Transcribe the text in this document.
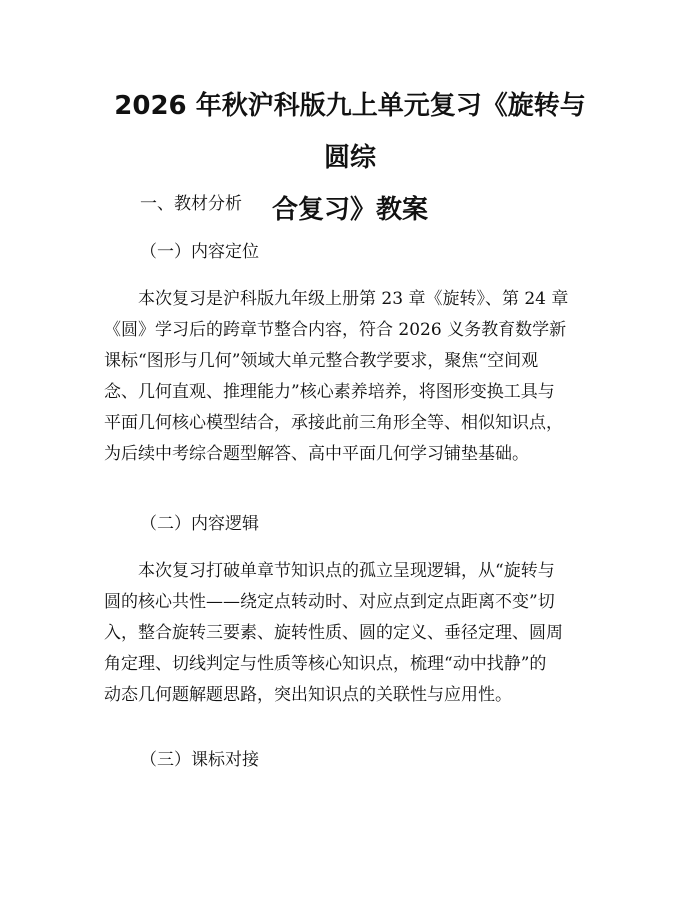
2026 年秋沪科版九上单元复习《旋转与圆综
合复习》教案
一、教材分析
（一）内容定位
本次复习是沪科版九年级上册第 23 章《旋转》、第 24 章
《圆》学习后的跨章节整合内容，符合 2026 义务教育数学新
课标“图形与几何”领域大单元整合教学要求，聚焦“空间观
念、几何直观、推理能力”核心素养培养，将图形变换工具与
平面几何核心模型结合，承接此前三角形全等、相似知识点，
为后续中考综合题型解答、高中平面几何学习铺垫基础。
（二）内容逻辑
本次复习打破单章节知识点的孤立呈现逻辑，从“旋转与
圆的核心共性——绕定点转动时、对应点到定点距离不变”切
入，整合旋转三要素、旋转性质、圆的定义、垂径定理、圆周
角定理、切线判定与性质等核心知识点，梳理“动中找静”的
动态几何题解题思路，突出知识点的关联性与应用性。
（三）课标对接
